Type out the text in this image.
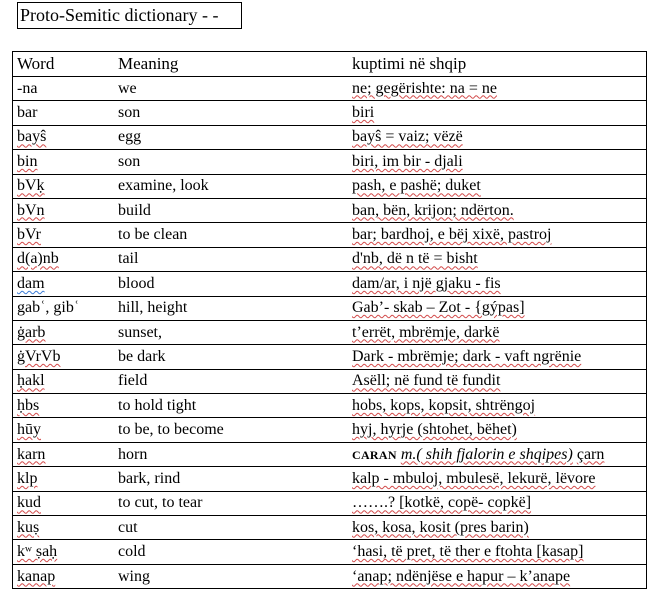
Proto-Semitic dictionary - -
Word	Meaning	kuptimi në shqip
-na	we	ne; gegërishte: na = ne
bar	son	biri
bayŝ	egg	bayŝ = vaiz; vëzë
bin	son	biri, im bir - djali
bVḳ	examine, look	pash, e pashë; duket
bVn	build	ban, bën, krijon; ndërton.
bVr	to be clean	bar; bardhoj, e bëj xixë, pastroj
d(a)nb	tail	d'nb, dë n të = bisht
dam	blood	dam/ar, i një gjaku - fis
gabʿ, gibʿ	hill, height	Gab’- skab – Zot - {gýpas]
ġarb	sunset,	t’errët, mbrëmje, darkë
ġVrVb	be dark	Dark - mbrëmje; dark - vaft ngrënie
ḥakl	field	Asëll; në fund të fundit
ḥbs	to hold tight	hobs, kops, kopsit, shtrëngoj
hūy	to be, to become	hyj, hyrje (shtohet, bëhet)
karn	horn	CARAN m.( shih fjalorin e shqipes) çarn
klp	bark, rind	kalp - mbuloj, mbulesë, lekurë, lëvore
kud	to cut, to tear	…….? [kotkë, copë- copkë]
kuṣ	cut	kos, kosa, kosit (pres barin)
kʷ ṣaḥ	cold	‘hasi, të pret, të ther e ftohta [kasap]
kanap	wing	‘anap; ndënjëse e hapur – k’anape
